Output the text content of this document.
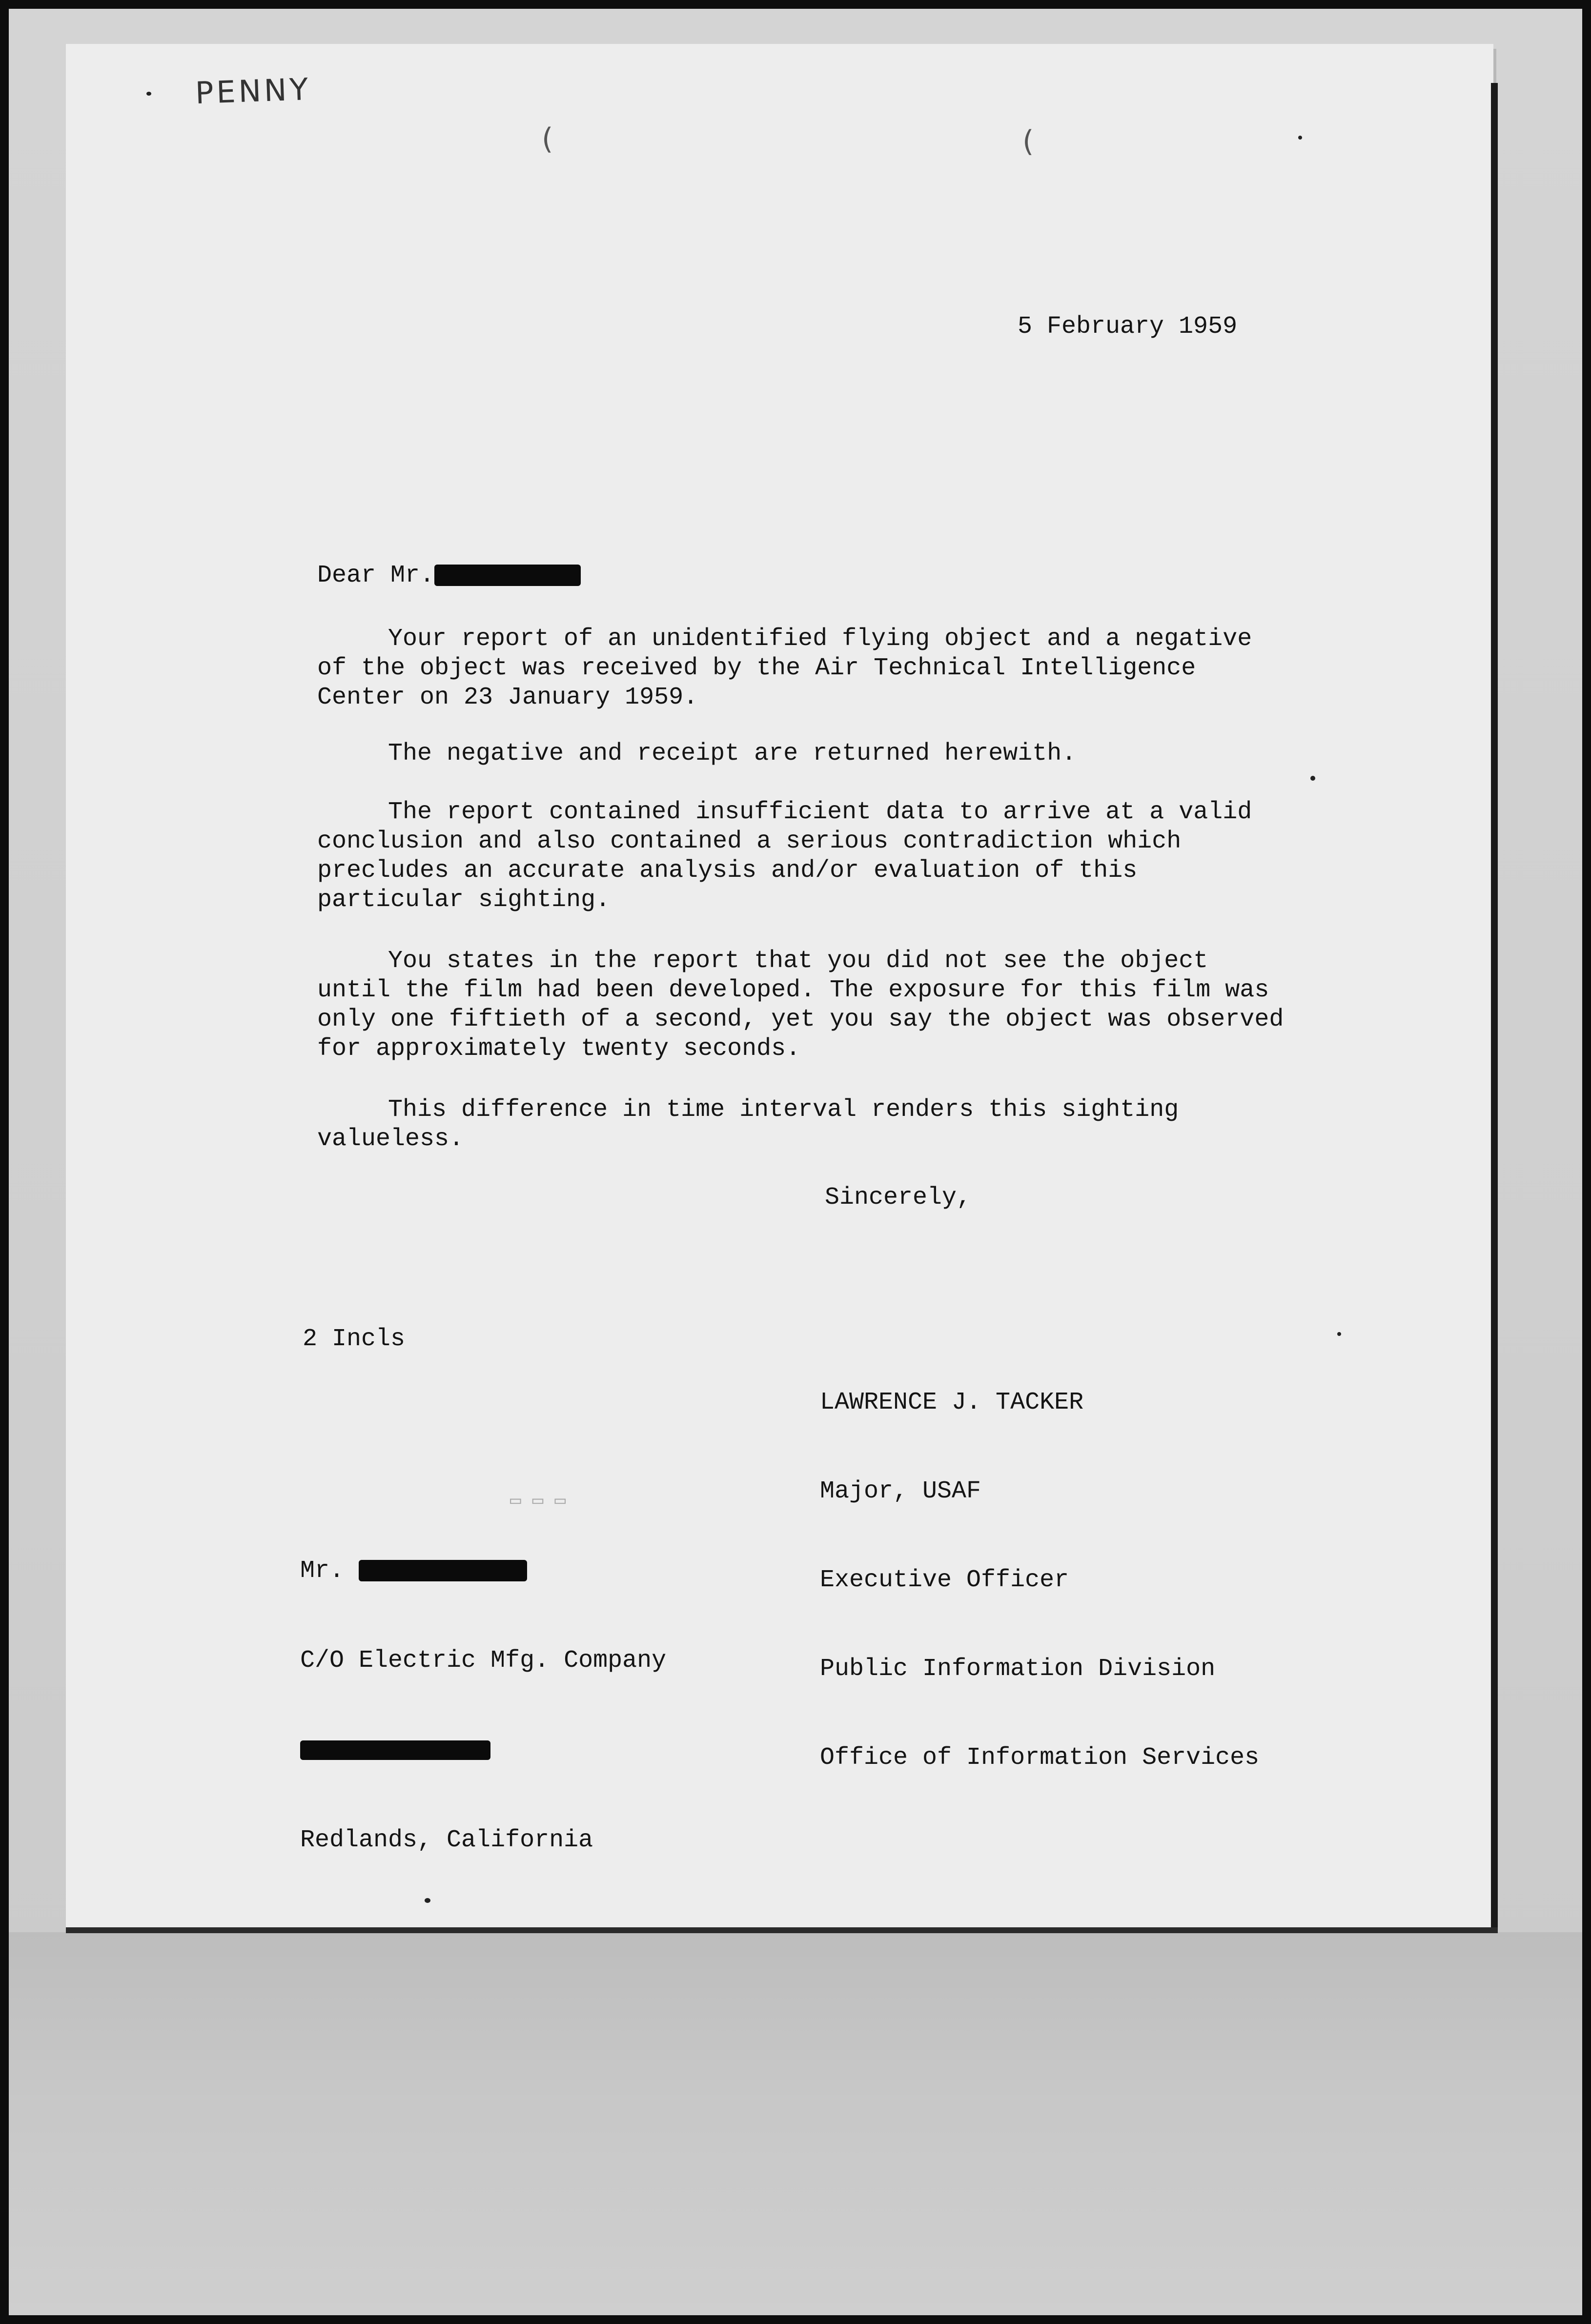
PENNY
(	(
5 February 1959
Dear Mr.
Your report of an unidentified flying object and a negative of the object was received by the Air Technical Intelligence Center on 23 January 1959.
The negative and receipt are returned herewith.
The report contained insufficient data to arrive at a valid conclusion and also contained a serious contradiction which precludes an accurate analysis and/or evaluation of this particular sighting.
You states in the report that you did not see the object until the film had been developed. The exposure for this film was only one fiftieth of a second, yet you say the object was observed for approximately twenty seconds.
This difference in time interval renders this sighting valueless.
Sincerely,
2 Incls

LAWRENCE J. TACKER

Major, USAF

Executive Officer

Public Information Division

Office of Information Services

Mr.

C/O Electric Mfg. Company

Redlands, California

▭ ▭ ▭
